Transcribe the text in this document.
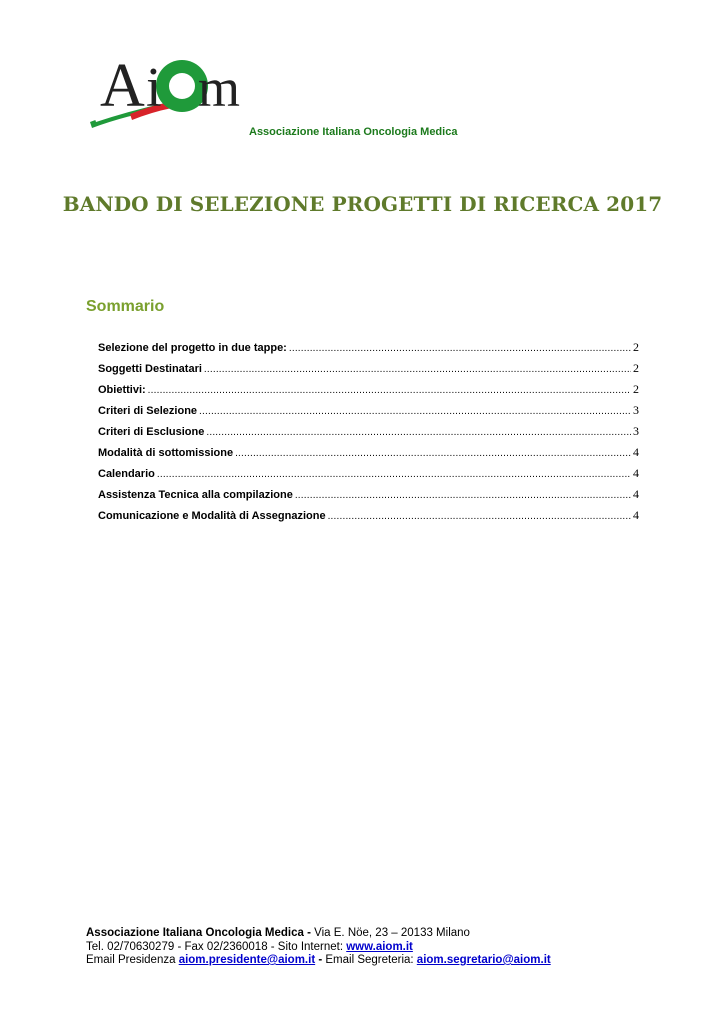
A i m
Associazione Italiana Oncologia Medica
BANDO DI SELEZIONE PROGETTI DI RICERCA 2017
Sommario
Selezione del progetto in due tappe: .....	2
Soggetti Destinatari .....	2
Obiettivi: .....	2
Criteri di Selezione .....	3
Criteri di Esclusione .....	3
Modalità di sottomissione .....	4
Calendario .....	4
Assistenza Tecnica alla compilazione .....	4
Comunicazione e Modalità di Assegnazione .....	4
Associazione Italiana Oncologia Medica - Via E. Nöe, 23 – 20133 Milano
Tel. 02/70630279 - Fax 02/2360018 - Sito Internet: www.aiom.it
Email Presidenza aiom.presidente@aiom.it - Email Segreteria: aiom.segretario@aiom.it
